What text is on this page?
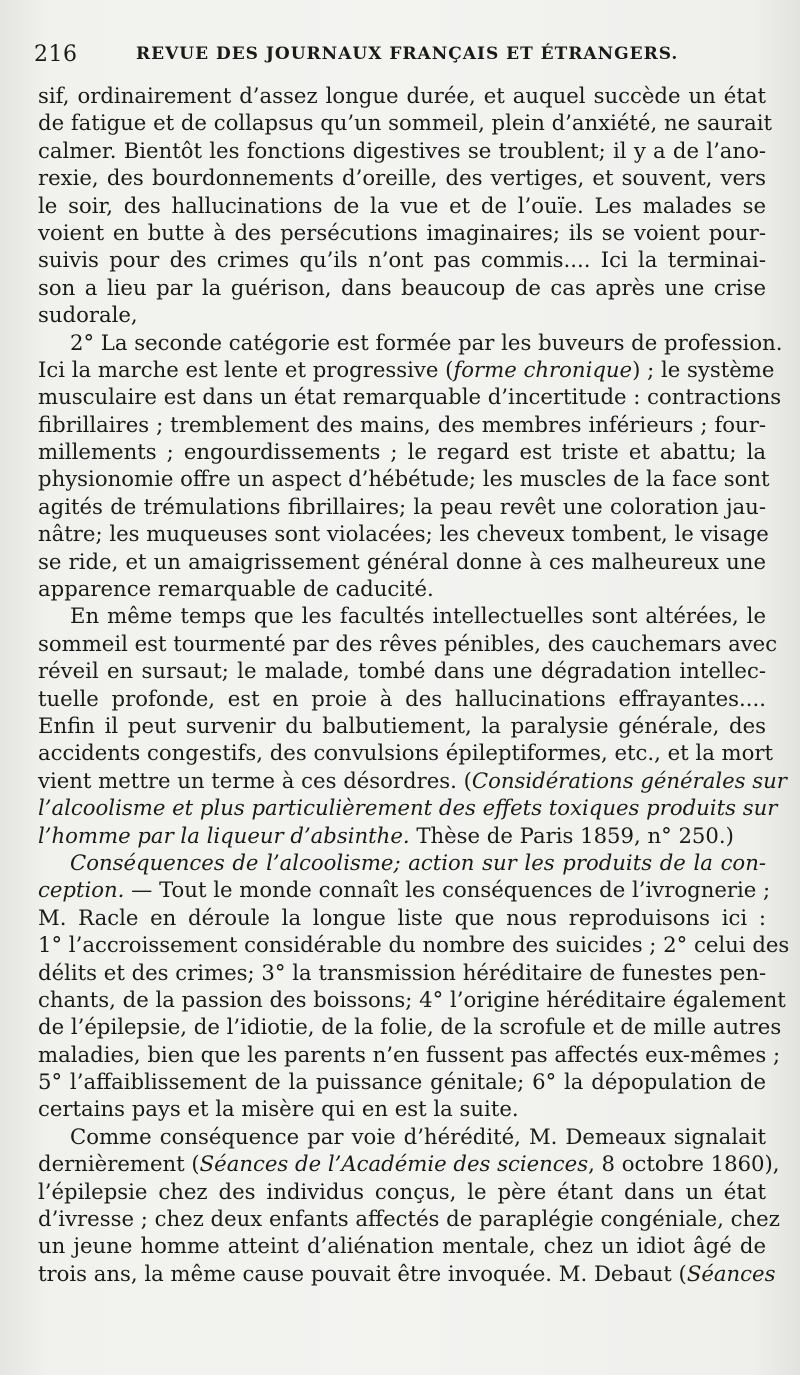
216	REVUE DES JOURNAUX FRANÇAIS ET ÉTRANGERS.
sif, ordinairement d’assez longue durée, et auquel succède un état
de fatigue et de collapsus qu’un sommeil, plein d’anxiété, ne saurait
calmer. Bientôt les fonctions digestives se troublent; il y a de l’ano-
rexie, des bourdonnements d’oreille, des vertiges, et souvent, vers
le soir, des hallucinations de la vue et de l’ouïe. Les malades se
voient en butte à des persécutions imaginaires; ils se voient pour-
suivis pour des crimes qu’ils n’ont pas commis.... Ici la terminai-
son a lieu par la guérison, dans beaucoup de cas après une crise
sudorale,
2° La seconde catégorie est formée par les buveurs de profession.
Ici la marche est lente et progressive (forme chronique) ; le système
musculaire est dans un état remarquable d’incertitude : contractions
fibrillaires ; tremblement des mains, des membres inférieurs ; four-
millements ; engourdissements ; le regard est triste et abattu; la
physionomie offre un aspect d’hébétude; les muscles de la face sont
agités de trémulations fibrillaires; la peau revêt une coloration jau-
nâtre; les muqueuses sont violacées; les cheveux tombent, le visage
se ride, et un amaigrissement général donne à ces malheureux une
apparence remarquable de caducité.
En même temps que les facultés intellectuelles sont altérées, le
sommeil est tourmenté par des rêves pénibles, des cauchemars avec
réveil en sursaut; le malade, tombé dans une dégradation intellec-
tuelle profonde, est en proie à des hallucinations effrayantes....
Enfin il peut survenir du balbutiement, la paralysie générale, des
accidents congestifs, des convulsions épileptiformes, etc., et la mort
vient mettre un terme à ces désordres. (Considérations générales sur
l’alcoolisme et plus particulièrement des effets toxiques produits sur
l’homme par la liqueur d’absinthe. Thèse de Paris 1859, n° 250.)
Conséquences de l’alcoolisme; action sur les produits de la con-
ception. — Tout le monde connaît les conséquences de l’ivrognerie ;
M. Racle en déroule la longue liste que nous reproduisons ici :
1° l’accroissement considérable du nombre des suicides ; 2° celui des
délits et des crimes; 3° la transmission héréditaire de funestes pen-
chants, de la passion des boissons; 4° l’origine héréditaire également
de l’épilepsie, de l’idiotie, de la folie, de la scrofule et de mille autres
maladies, bien que les parents n’en fussent pas affectés eux-mêmes ;
5° l’affaiblissement de la puissance génitale; 6° la dépopulation de
certains pays et la misère qui en est la suite.
Comme conséquence par voie d’hérédité, M. Demeaux signalait
dernièrement (Séances de l’Académie des sciences, 8 octobre 1860),
l’épilepsie chez des individus conçus, le père étant dans un état
d’ivresse ; chez deux enfants affectés de paraplégie congéniale, chez
un jeune homme atteint d’aliénation mentale, chez un idiot âgé de
trois ans, la même cause pouvait être invoquée. M. Debaut (Séances
